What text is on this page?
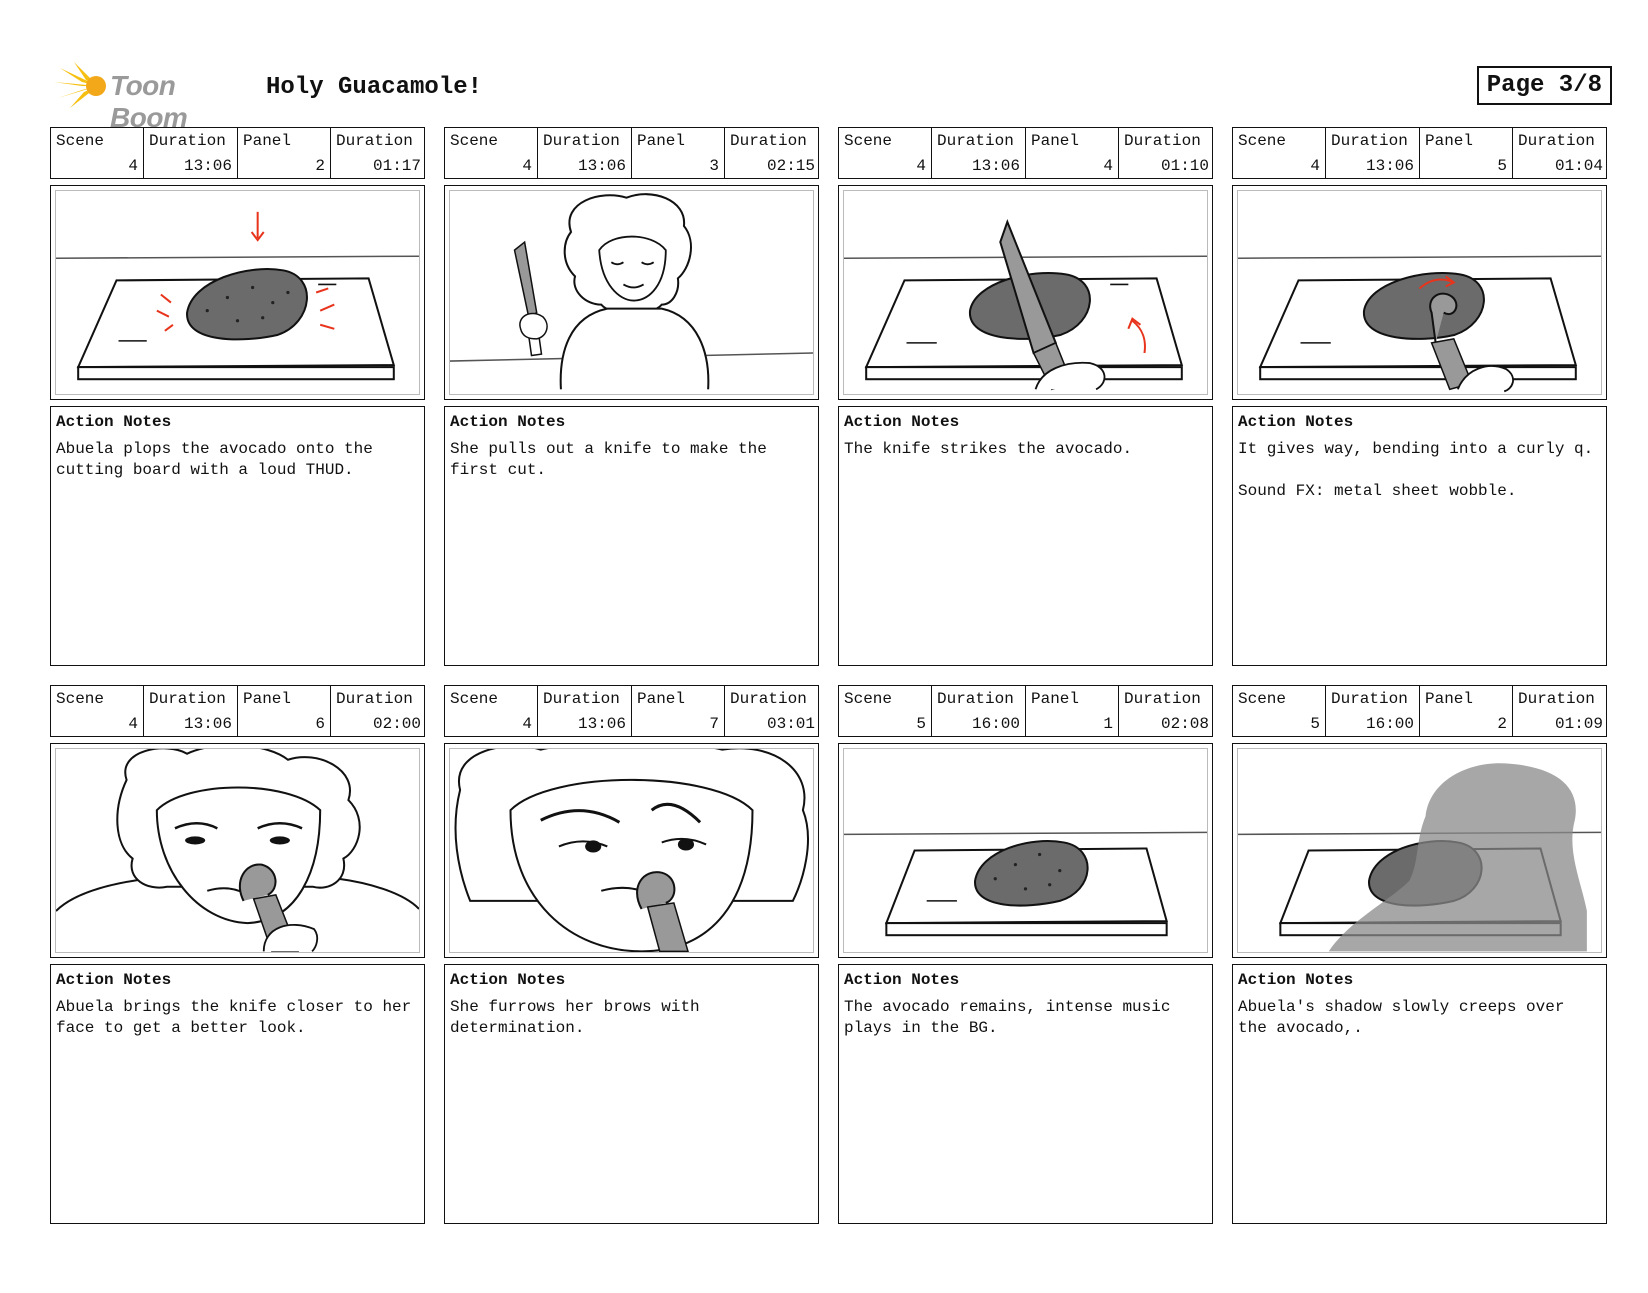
Toon Boom
Holy Guacamole!	Page 3/8
Scene
4
Duration
13:06
Panel
2
Duration
01:17
Action Notes
Abuela plops the avocado onto the cutting board with a loud THUD.
Scene
4
Duration
13:06
Panel
3
Duration
02:15
Action Notes
She pulls out a knife to make the first cut.
Scene
4
Duration
13:06
Panel
4
Duration
01:10
Action Notes
The knife strikes the avocado.
Scene
4
Duration
13:06
Panel
5
Duration
01:04
Action Notes
It gives way, bending into a curly q.

Sound FX: metal sheet wobble.
Scene
4
Duration
13:06
Panel
6
Duration
02:00
Action Notes
Abuela brings the knife closer to her face to get a better look.
Scene
4
Duration
13:06
Panel
7
Duration
03:01
Action Notes
She furrows her brows with determination.
Scene
5
Duration
16:00
Panel
1
Duration
02:08
Action Notes
The avocado remains, intense music plays in the BG.
Scene
5
Duration
16:00
Panel
2
Duration
01:09
Action Notes
Abuela's shadow slowly creeps over the avocado,.
